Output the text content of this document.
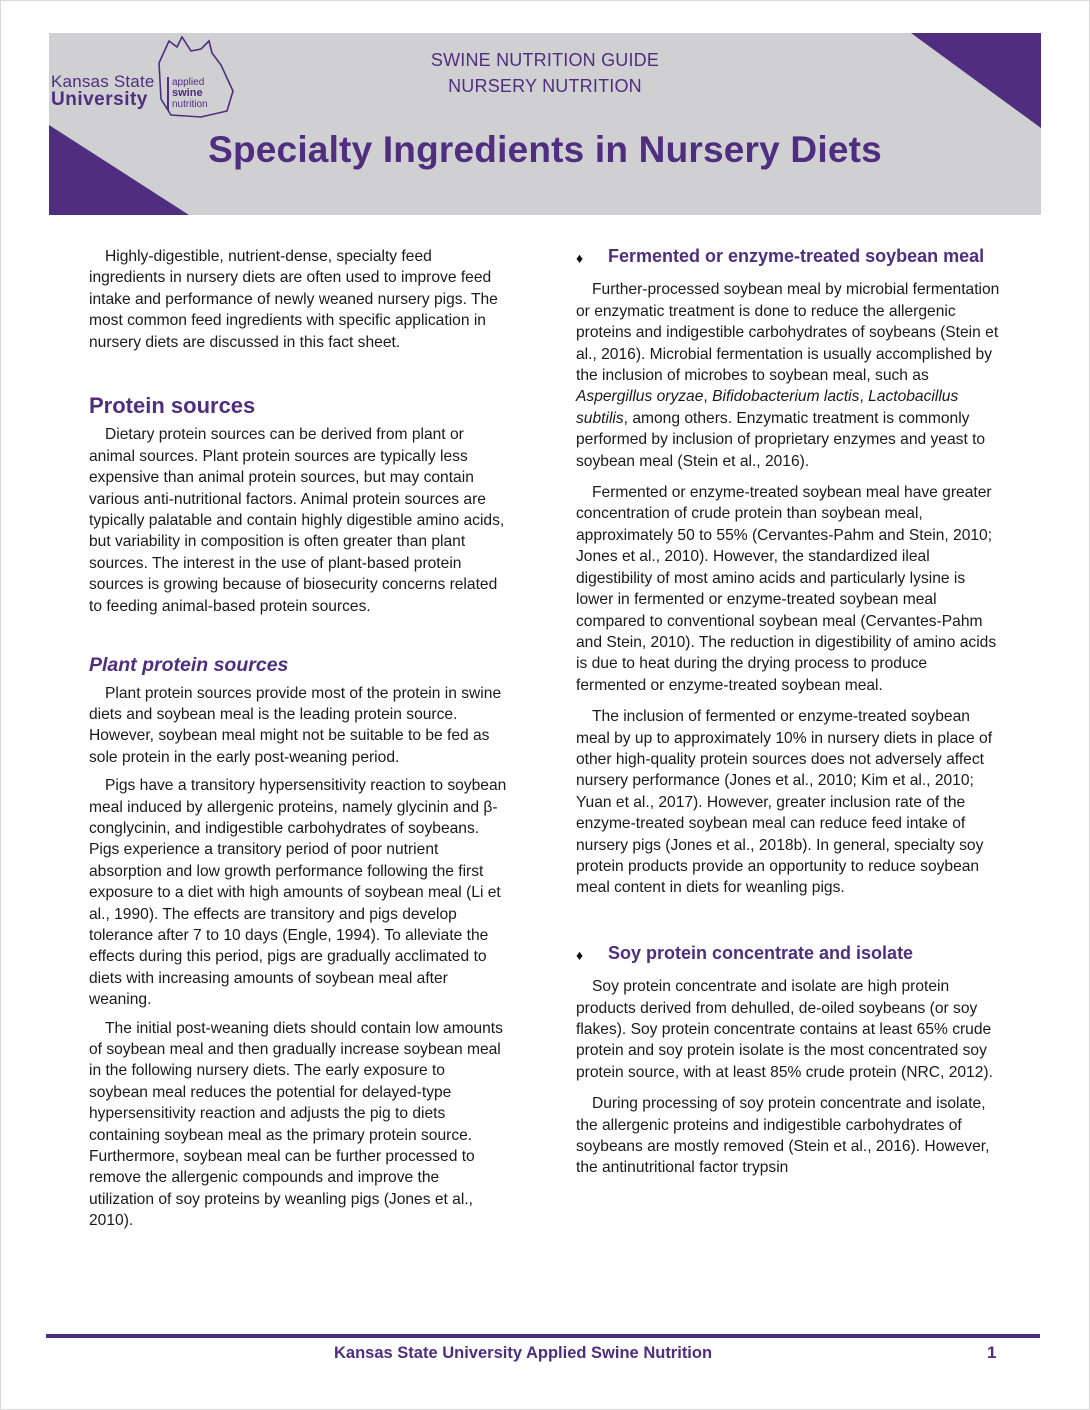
Kansas State
University
applied
swine
nutrition
SWINE NUTRITION GUIDE
NURSERY NUTRITION
Specialty Ingredients in Nursery Diets

Highly-digestible, nutrient-dense, specialty feed ingredients in nursery diets are often used to improve feed intake and performance of newly weaned nursery pigs. The most common feed ingredients with specific application in nursery diets are discussed in this fact sheet.

Protein sources

Dietary protein sources can be derived from plant or animal sources. Plant protein sources are typically less expensive than animal protein sources, but may contain various anti-nutritional factors. Animal protein sources are typically palatable and contain highly digestible amino acids, but variability in composition is often greater than plant sources. The interest in the use of plant-based protein sources is growing because of biosecurity concerns related to feeding animal-based protein sources.

Plant protein sources

Plant protein sources provide most of the protein in swine diets and soybean meal is the leading protein source. However, soybean meal might not be suitable to be fed as sole protein in the early post-weaning period.

Pigs have a transitory hypersensitivity reaction to soybean meal induced by allergenic proteins, namely glycinin and β-conglycinin, and indigestible carbohydrates of soybeans. Pigs experience a transitory period of poor nutrient absorption and low growth performance following the first exposure to a diet with high amounts of soybean meal (Li et al., 1990). The effects are transitory and pigs develop tolerance after 7 to 10 days (Engle, 1994). To alleviate the effects during this period, pigs are gradually acclimated to diets with increasing amounts of soybean meal after weaning.

The initial post-weaning diets should contain low amounts of soybean meal and then gradually increase soybean meal in the following nursery diets. The early exposure to soybean meal reduces the potential for delayed-type hypersensitivity reaction and adjusts the pig to diets containing soybean meal as the primary protein source. Furthermore, soybean meal can be further processed to remove the allergenic compounds and improve the utilization of soy proteins by weanling pigs (Jones et al., 2010).

♦ Fermented or enzyme-treated soybean meal

Further-processed soybean meal by microbial fermentation or enzymatic treatment is done to reduce the allergenic proteins and indigestible carbohydrates of soybeans (Stein et al., 2016). Microbial fermentation is usually accomplished by the inclusion of microbes to soybean meal, such as Aspergillus oryzae, Bifidobacterium lactis, Lactobacillus subtilis, among others. Enzymatic treatment is commonly performed by inclusion of proprietary enzymes and yeast to soybean meal (Stein et al., 2016).

Fermented or enzyme-treated soybean meal have greater concentration of crude protein than soybean meal, approximately 50 to 55% (Cervantes-Pahm and Stein, 2010; Jones et al., 2010). However, the standardized ileal digestibility of most amino acids and particularly lysine is lower in fermented or enzyme-treated soybean meal compared to conventional soybean meal (Cervantes-Pahm and Stein, 2010). The reduction in digestibility of amino acids is due to heat during the drying process to produce fermented or enzyme-treated soybean meal.

The inclusion of fermented or enzyme-treated soybean meal by up to approximately 10% in nursery diets in place of other high-quality protein sources does not adversely affect nursery performance (Jones et al., 2010; Kim et al., 2010; Yuan et al., 2017). However, greater inclusion rate of the enzyme-treated soybean meal can reduce feed intake of nursery pigs (Jones et al., 2018b). In general, specialty soy protein products provide an opportunity to reduce soybean meal content in diets for weanling pigs.

♦ Soy protein concentrate and isolate

Soy protein concentrate and isolate are high protein products derived from dehulled, de-oiled soybeans (or soy flakes). Soy protein concentrate contains at least 65% crude protein and soy protein isolate is the most concentrated soy protein source, with at least 85% crude protein (NRC, 2012).

During processing of soy protein concentrate and isolate, the allergenic proteins and indigestible carbohydrates of soybeans are mostly removed (Stein et al., 2016). However, the antinutritional factor trypsin

Kansas State University Applied Swine Nutrition	1
